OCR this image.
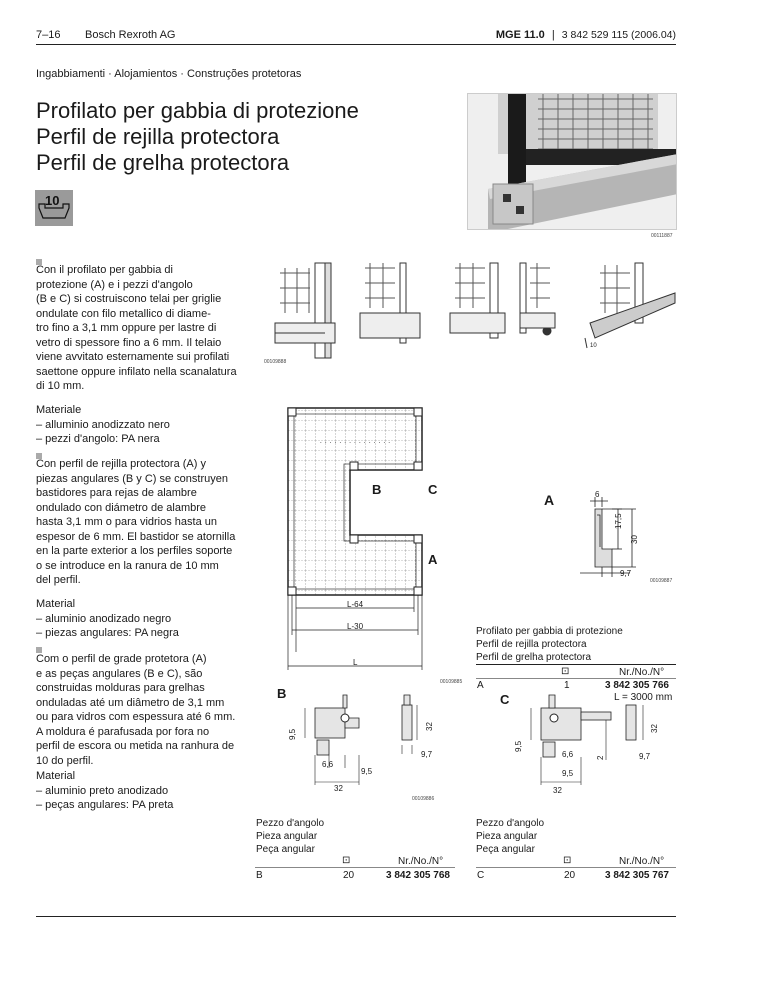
7–16 Bosch Rexroth AG	MGE 11.0 | 3 842 529 115 (2006.04)
Ingabbiamenti · Alojamientos · Construções protetoras
Profilato per gabbia di protezione
Perfil de rejilla protectora
Perfil de grelha protectora
10
00111887
Con il profilato per gabbia di
protezione (A) e i pezzi d'angolo
(B e C) si costruiscono telai per griglie
ondulate con filo metallico di diame-
tro fino a 3,1 mm oppure per lastre di
vetro di spessore fino a 6 mm. Il telaio
viene avvitato esternamente sui profilati
saettone oppure infilato nella scanalatura
di 10 mm.
Materiale
– alluminio anodizzato nero
– pezzi d'angolo: PA nera
Con perfil de rejilla protectora (A) y
piezas angulares (B y C) se construyen
bastidores para rejas de alambre
ondulado con diámetro de alambre
hasta 3,1 mm o para vidrios hasta un
espesor de 6 mm. El bastidor se atornilla
en la parte exterior a los perfiles soporte
o se introduce en la ranura de 10 mm
del perfil.
Material
– aluminio anodizado negro
– piezas angulares: PA negra
Com o perfil de grade protetora (A)
e as peças angulares (B e C), são
construidas molduras para grelhas
onduladas até um diâmetro de 3,1 mm
ou para vidros com espessura até 6 mm.
A moldura é parafusada por fora no
perfil de escora ou metida na ranhura de
10 do perfil.
Material
– aluminio preto anodizado
– peças angulares: PA preta
10
00109888
· · · · · · · · · · · · · · ·
B	C
A
L-64
L-30
L
00109885
A	6
17,5
30
9,7
00109887
Profilato per gabbia di protezione
Perfil de rejilla protectora
Perfil de grelha protectora
⊡	Nr./No./N°
A	1	3 842 305 766
L = 3000 mm
B
9,5
32
6,6
9,7
9,5
32
00109886
C
9,5
32
2
6,6	9,7
9,5
32
Pezzo d'angolo
Pieza angular
Peça angular
⊡	Nr./No./N°
B	20	3 842 305 768
Pezzo d'angolo
Pieza angular
Peça angular
⊡	Nr./No./N°
C	20	3 842 305 767
